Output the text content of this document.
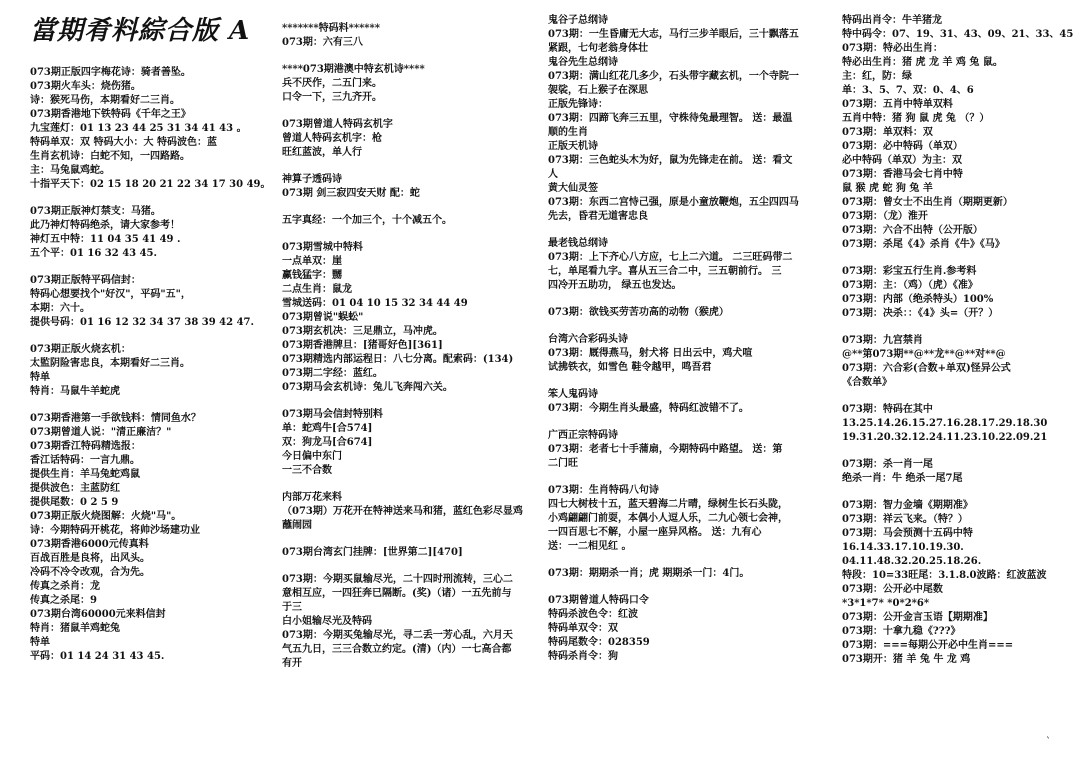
當期肴料綜合版 A
073期正版四字梅花诗：骑者善坠。
073期火车头：烧伤猪。
诗：猴死马伤，本期看好二三肖。
073期香港地下铁特码《千年之王》
九宝莲灯：01 13 23 44 25 31 34 41 43 。
特码单双：双 特码大小：大 特码波色：蓝
生肖玄机诗：白蛇不知，一四路路。
主：马兔鼠鸡蛇。
十指平天下：02 15 18 20 21 22 34 17 30 49。
073期正版神灯禁支：马猪。
此乃神灯特码绝杀，请大家参考！
神灯五中特：11 04 35 41 49 .
五个平：01 16 32 43 45.
073期正版特平码信封：
特码心想要找个"好汉"，平码"五"，
本期：六十。
提供号码：01 16 12 32 34 37 38 39 42 47.
073期正版火烧玄机：
太監阴险害忠良，本期看好二三肖。
特单
特肖：马鼠牛羊蛇虎
073期香港第一手欲钱料：情同鱼水？
073期曾道人说："清正廉洁？"
073期香江特码精选报：
香江话特码：一言九鼎。
提供生肖：羊马兔蛇鸡鼠
提供波色：主蓝防红
提供尾数：0 2 5 9
073期正版火烧图解：火烧"马"。
诗：今期特码开桃花，将帅沙场建功业
073期香港6000元传真料
百战百胜是良将，出风头。
冷码不冷令改观，合为先。
传真之杀肖：龙
传真之杀尾：9
073期台湾60000元来料信封
特肖：猪鼠羊鸡蛇兔
特单
平码：01 14 24 31 43 45.
*******特码料******
073期：六有三八
****073期港澳中特玄机诗****
兵不厌作，二五门来。
口令一下，三九齐开。
073期曾道人特码玄机字
曾道人特码玄机字：枪
旺红蓝波，单人行
神算子透码诗
073期 剑三寂四安天财 配：蛇
五字真经：一个加三个，十个减五个。
073期雪城中特料
一点单双：崖
赢钱猛字：嬲
二点生肖：鼠龙
雪城送码：01 04 10 15 32 34 44 49
073期曾说"蜈蚣"
073期玄机决：三足鼎立，马冲虎。
073期香港牌旦：[猪哥好色][361]
073期精选内部运程日：八七分离。配索码：(134)
073期二字经：蓝红。
073期马会玄机诗：兔儿飞奔闯六关。
073期马会信封特别料
单：蛇鸡牛[合574]
双：狗龙马[合674]
今日偏中东门
一三不合数
内部万花来料
（073期）万花开在特神送来马和猪，蓝红色彩尽显鸡
蘸闹园
073期台湾玄门挂牌：[世界第二][470]
073期：今期买鼠输尽光，二十四时刑流转，三心二
意相互应，一四狂奔已隔断。(奖)（诸）一五先前与
于三
白小姐输尽光及特码
073期：今期买兔输尽光，寻二丢一芳心乱，六月天
气五九日，三三合数立约定。(清)（内）一七高合都
有开
鬼谷子总纲诗
073期：一生昏庸无大志，马行三步羊眼后，三十飘落五
紧跟，七句老翁身体壮
鬼谷先生总纲诗
073期：满山红花几多少，石头带字藏玄机，一个寺院一
袈裟，石上猴子在深思
正版先锋诗：
073期：四蹄飞奔三五里，守株待兔最理智。 送：最温
顺的生肖
正版天机诗
073期：三色蛇头木为好，鼠为先锋走在前。 送：看文
人
黄大仙灵签
073期：东西二宫恃己强，原是小童放鞭炮，五尘四四马
先去，昏君无道害忠良
最老钱总纲诗
073期：上下齐心八方应，七上二六道。 二三旺码带二
七，单尾看九字。喜从五三合二中，三五朝前行。 三
四冷开五助功， 绿五也发达。
073期：欲钱买劳苦功高的动物（猴虎）
台湾六合彩码头诗
073期：厩得燕马，射犬将 日出云中，鸡犬喧
试拂铁衣，如雪色 鞋令越甲，鸣吾君
笨人鬼码诗
073期：今期生肖头最盛，特码红波错不了。
广西正宗特码诗
073期：老者七十手蒲扇，今期特码中路望。 送：第
二门旺
073期：生肖特码八句诗
四七大树枝十五，蓝天碧海二片晴，绿树生长石头陇，
小鸡翩翩门前耍，本偶小人逗人乐，二九心领七会神，
一四百思七不解，小屋一座异风格。 送：九有心
送：一二相见红 。
073期：期期杀一肖；虎 期期杀一门：4门。
073期曾道人特码口令
特码杀波色令：红波
特码单双令：双
特码尾数令：028359
特码杀肖令：狗
特码出肖令：牛羊猪龙
特中码令：07、19、31、43、09、21、33、45
073期：特必出生肖：
特必出生肖：猪 虎 龙 羊 鸡 兔 鼠。
主：红，防：绿
单：3、5、7、双：0、4、6
073期：五肖中特单双料
五肖中特：猪 狗 鼠 虎 兔 （？）
073期：单双料：双
073期：必中特码（单双）
必中特码（单双）为主：双
073期：香港马会七肖中特
鼠 猴 虎 蛇 狗 兔 羊
073期：曾女士不出生肖（期期更新）
073期：（龙）淮开
073期：六合不出特（公开版）
073期：杀尾《4》杀肖《牛》《马》
073期：彩宝五行生肖.参考料
073期：主：（鸡）（虎）《准》
073期：内部（绝杀特头）100%
073期：决杀：：《4》头=（开？）
073期：九宫禁肖
@**第073期**@**龙**@**对**@
073期：六合彩(合数+单双)怪异公式
《合数单》
073期：特码在其中
13.25.14.26.15.27.16.28.17.29.18.30
19.31.20.32.12.24.11.23.10.22.09.21
073期：杀一肖一尾
绝杀一肖：牛 绝杀一尾7尾
073期：智力金墙《期期准》
073期：祥云飞来。（特？）
073期：马会预测十五码中特
16.14.33.17.10.19.30.
04.11.48.32.20.25.18.26.
特段：10=33旺尾：3.1.8.0波路：红波蓝波
073期：公开必中尾数
*3*1*7* *0*2*6*
073期：公开金言玉语【期期准】
073期：十拿九稳《???》
073期：===每期公开必中生肖===
073期开：猪 羊 兔 牛 龙 鸡
`
